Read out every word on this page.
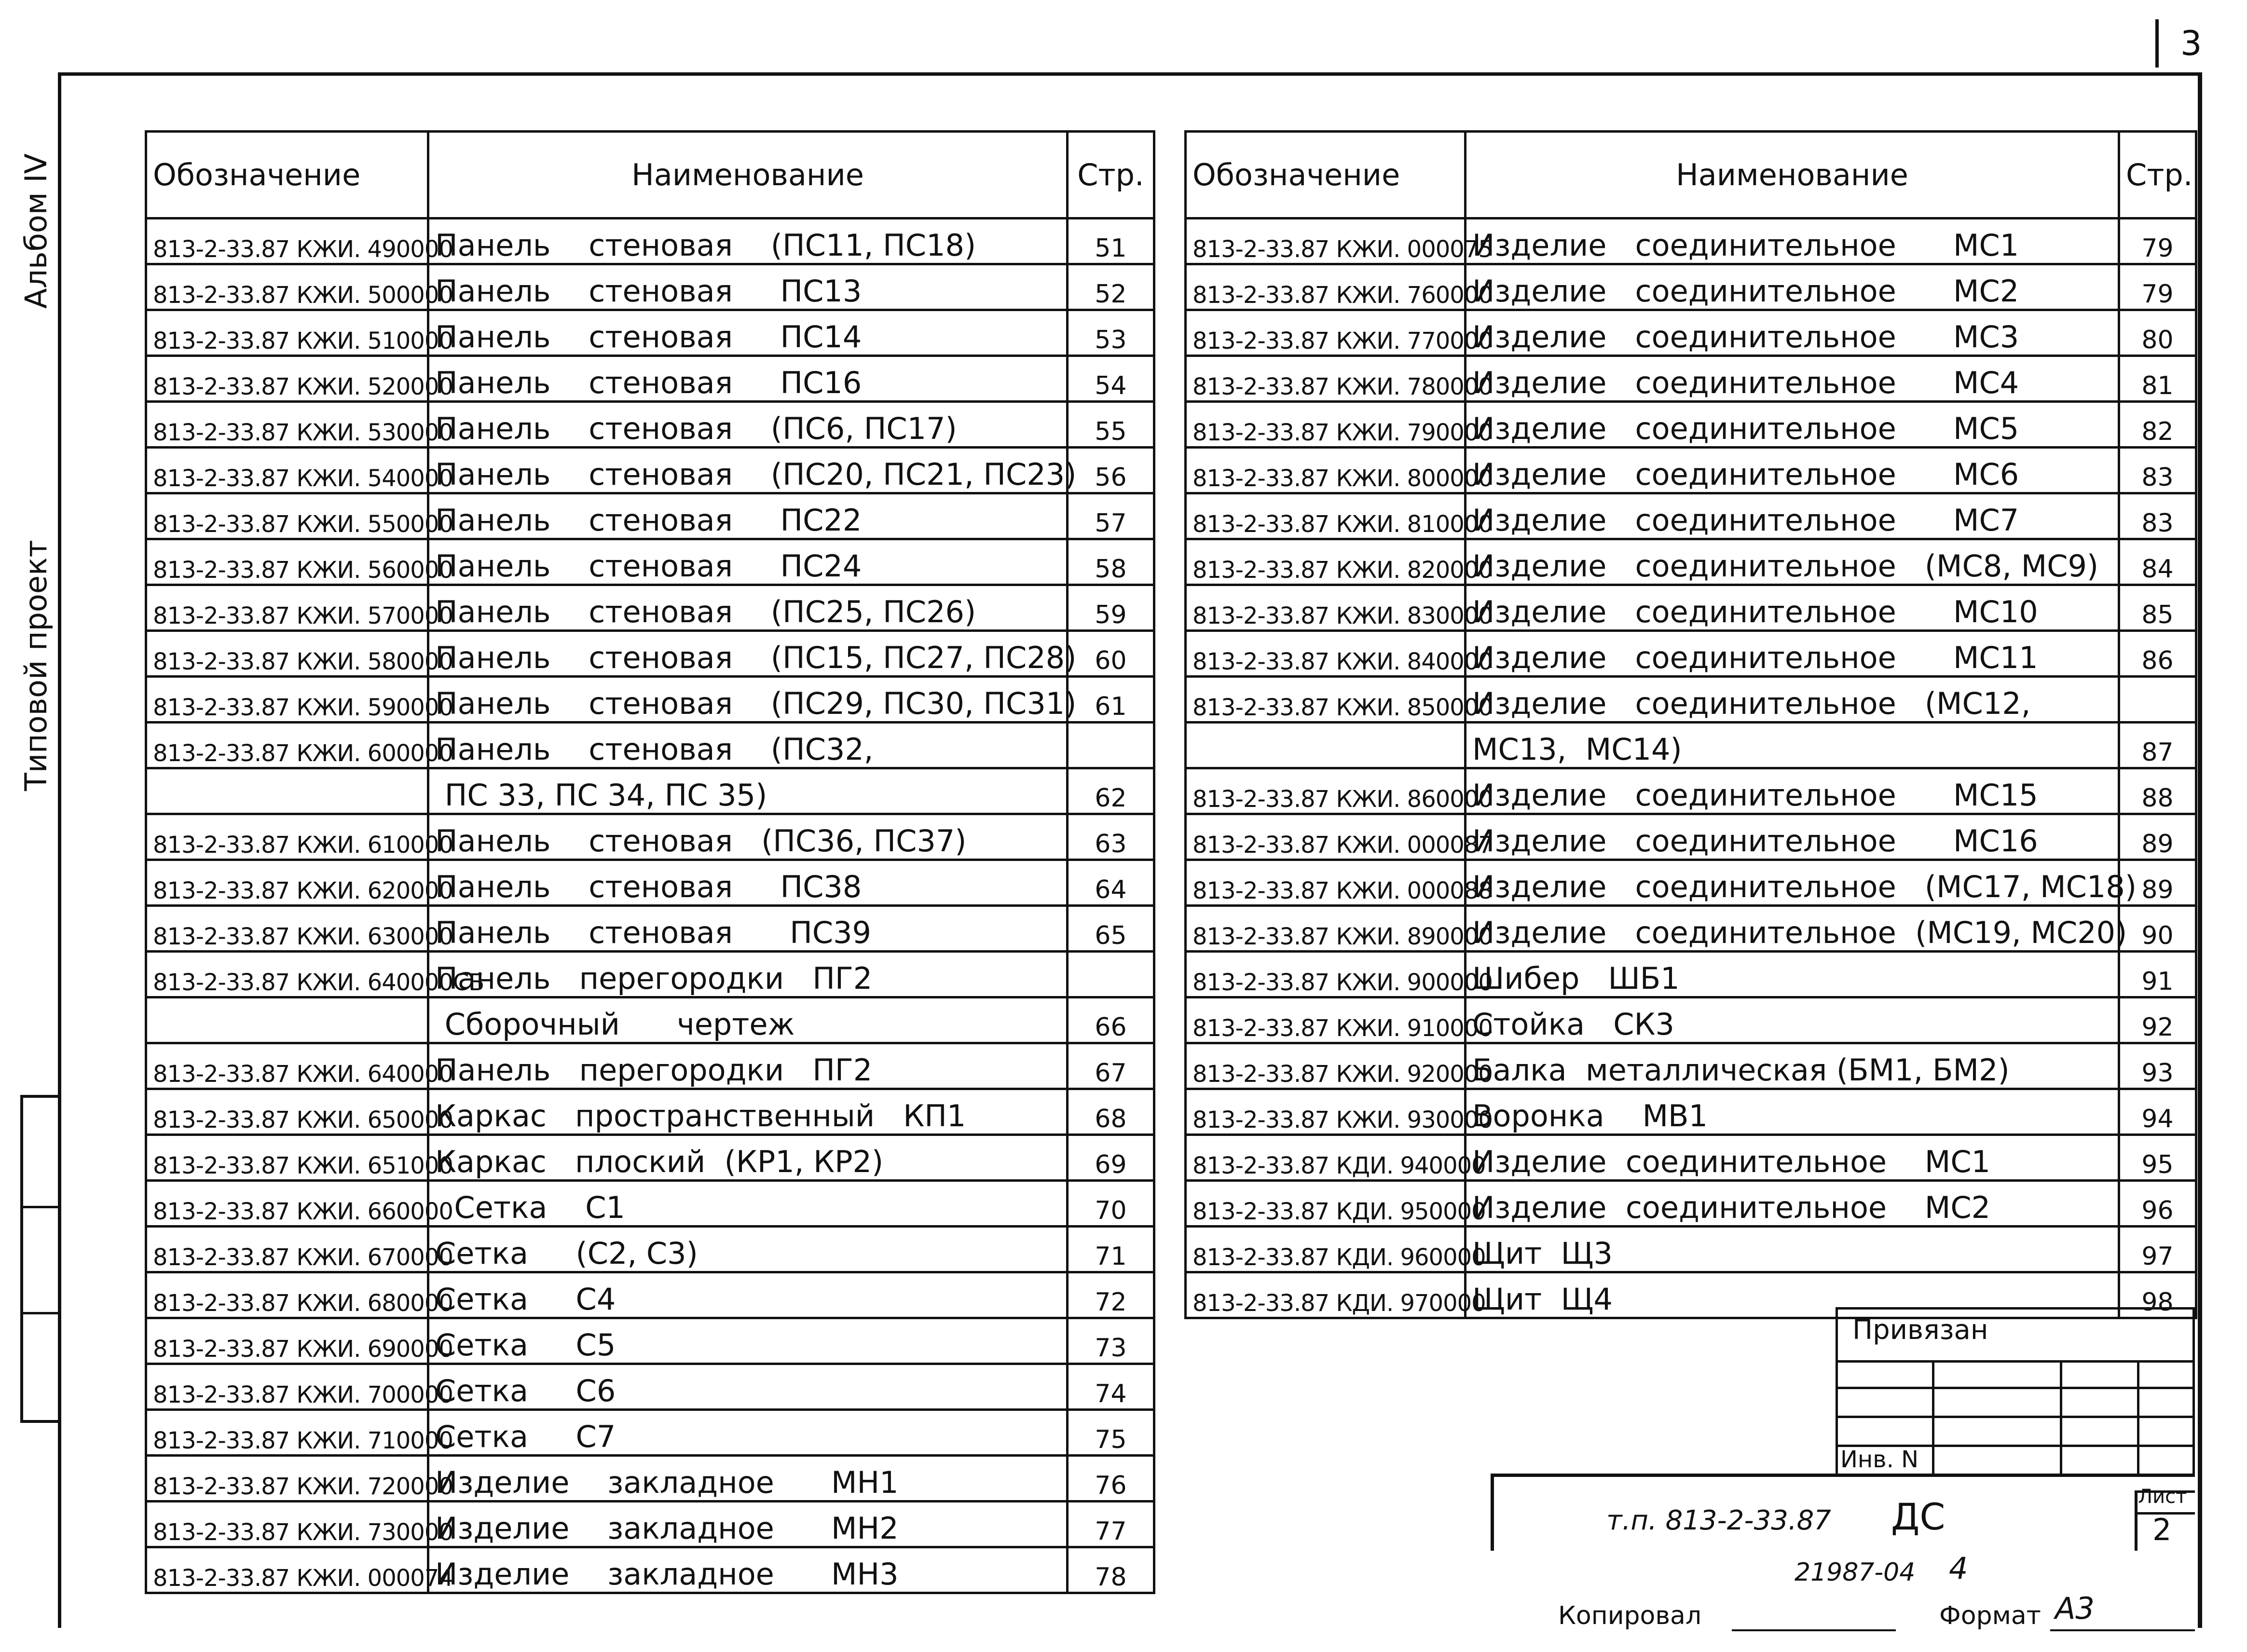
3
Альбом IV
Типовой проект
Обозначение	Наименование	Стр.
813-2-33.87 КЖИ. 490000	Панель    стеновая    (ПС11, ПС18)	51
813-2-33.87 КЖИ. 500000	Панель    стеновая     ПС13	52
813-2-33.87 КЖИ. 510000	Панель    стеновая     ПС14	53
813-2-33.87 КЖИ. 520000	Панель    стеновая     ПС16	54
813-2-33.87 КЖИ. 530000	Панель    стеновая    (ПС6, ПС17)	55
813-2-33.87 КЖИ. 540000	Панель    стеновая    (ПС20, ПС21, ПС23)	56
813-2-33.87 КЖИ. 550000	Панель    стеновая     ПС22	57
813-2-33.87 КЖИ. 560000	Панель    стеновая     ПС24	58
813-2-33.87 КЖИ. 570000	Панель    стеновая    (ПС25, ПС26)	59
813-2-33.87 КЖИ. 580000	Панель    стеновая    (ПС15, ПС27, ПС28)	60
813-2-33.87 КЖИ. 590000	Панель    стеновая    (ПС29, ПС30, ПС31)	61
813-2-33.87 КЖИ. 600000	Панель    стеновая    (ПС32,	
	ПС 33, ПС 34, ПС 35)	62
813-2-33.87 КЖИ. 610000	Панель    стеновая   (ПС36, ПС37)	63
813-2-33.87 КЖИ. 620000	Панель    стеновая     ПС38	64
813-2-33.87 КЖИ. 630000	Панель    стеновая      ПС39	65
813-2-33.87 КЖИ. 640000СБ	Панель   перегородки   ПГ2	
	Сборочный      чертеж	66
813-2-33.87 КЖИ. 640000	Панель   перегородки   ПГ2	67
813-2-33.87 КЖИ. 650000	Каркас   пространственный   КП1	68
813-2-33.87 КЖИ. 651000	Каркас   плоский  (КР1, КР2)	69
813-2-33.87 КЖИ. 660000	Сетка    С1	70
813-2-33.87 КЖИ. 670000	Сетка     (С2, С3)	71
813-2-33.87 КЖИ. 680000	Сетка     С4	72
813-2-33.87 КЖИ. 690000	Сетка     С5	73
813-2-33.87 КЖИ. 700000	Сетка     С6	74
813-2-33.87 КЖИ. 710000	Сетка     С7	75
813-2-33.87 КЖИ. 720000	Изделие    закладное      МН1	76
813-2-33.87 КЖИ. 730000	Изделие    закладное      МН2	77
813-2-33.87 КЖИ. 000074	Изделие    закладное      МН3	78
Обозначение	Наименование	Стр.
813-2-33.87 КЖИ. 000075	Изделие   соединительное      МС1	79
813-2-33.87 КЖИ. 760000	Изделие   соединительное      МС2	79
813-2-33.87 КЖИ. 770000	Изделие   соединительное      МС3	80
813-2-33.87 КЖИ. 780000	Изделие   соединительное      МС4	81
813-2-33.87 КЖИ. 790000	Изделие   соединительное      МС5	82
813-2-33.87 КЖИ. 800000	Изделие   соединительное      МС6	83
813-2-33.87 КЖИ. 810000	Изделие   соединительное      МС7	83
813-2-33.87 КЖИ. 820000	Изделие   соединительное   (МС8, МС9)	84
813-2-33.87 КЖИ. 830000	Изделие   соединительное      МС10	85
813-2-33.87 КЖИ. 840000	Изделие   соединительное      МС11	86
813-2-33.87 КЖИ. 850000	Изделие   соединительное   (МС12,	
	МС13,  МС14)	87
813-2-33.87 КЖИ. 860000	Изделие   соединительное      МС15	88
813-2-33.87 КЖИ. 000087	Изделие   соединительное      МС16	89
813-2-33.87 КЖИ. 000088	Изделие   соединительное   (МС17, МС18)	89
813-2-33.87 КЖИ. 890000	Изделие   соединительное  (МС19, МС20)	90
813-2-33.87 КЖИ. 900000	Шибер   ШБ1	91
813-2-33.87 КЖИ. 910000	Стойка   СК3	92
813-2-33.87 КЖИ. 920000	Балка  металлическая (БМ1, БМ2)	93
813-2-33.87 КЖИ. 930000	Воронка    МВ1	94
813-2-33.87 КДИ. 940000	Изделие  соединительное    МС1	95
813-2-33.87 КДИ. 950000	Изделие  соединительное    МС2	96
813-2-33.87 КДИ. 960000	Щит  Щ3	97
813-2-33.87 КДИ. 970000	Щит  Щ4	98
Привязан
Инв. N
Лист
2
т.п. 813-2-33.87 ДС
21987-04 4
Копировал	Формат А3
